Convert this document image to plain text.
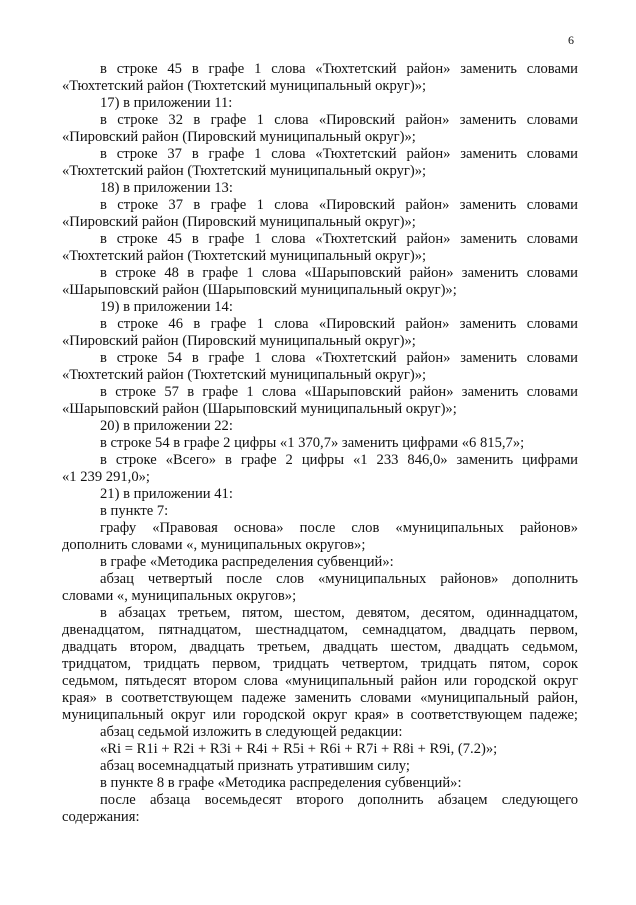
6

в строке 45 в графе 1 слова «Тюхтетский район» заменить словами

«Тюхтетский район (Тюхтетский муниципальный округ)»;

17) в приложении 11:

в строке 32 в графе 1 слова «Пировский район» заменить словами

«Пировский район (Пировский муниципальный округ)»;

в строке 37 в графе 1 слова «Тюхтетский район» заменить словами

«Тюхтетский район (Тюхтетский муниципальный округ)»;

18) в приложении 13:

в строке 37 в графе 1 слова «Пировский район» заменить словами

«Пировский район (Пировский муниципальный округ)»;

в строке 45 в графе 1 слова «Тюхтетский район» заменить словами

«Тюхтетский район (Тюхтетский муниципальный округ)»;

в строке 48 в графе 1 слова «Шарыповский район» заменить словами

«Шарыповский район (Шарыповский муниципальный округ)»;

19) в приложении 14:

в строке 46 в графе 1 слова «Пировский район» заменить словами

«Пировский район (Пировский муниципальный округ)»;

в строке 54 в графе 1 слова «Тюхтетский район» заменить словами

«Тюхтетский район (Тюхтетский муниципальный округ)»;

в строке 57 в графе 1 слова «Шарыповский район» заменить словами

«Шарыповский район (Шарыповский муниципальный округ)»;

20) в приложении 22:

в строке 54 в графе 2 цифры «1 370,7» заменить цифрами «6 815,7»;

в строке «Всего» в графе 2 цифры «1 233 846,0» заменить цифрами

«1 239 291,0»;

21) в приложении 41:

в пункте 7:

графу «Правовая основа» после слов «муниципальных районов»

дополнить словами «, муниципальных округов»;

в графе «Методика распределения субвенций»:

абзац четвертый после слов «муниципальных районов» дополнить

словами «, муниципальных округов»;

в абзацах третьем, пятом, шестом, девятом, десятом, одиннадцатом,

двенадцатом, пятнадцатом, шестнадцатом, семнадцатом, двадцать первом,

двадцать втором, двадцать третьем, двадцать шестом, двадцать седьмом,

тридцатом, тридцать первом, тридцать четвертом, тридцать пятом, сорок

седьмом, пятьдесят втором слова «муниципальный район или городской округ

края» в соответствующем падеже заменить словами «муниципальный район,

муниципальный округ или городской округ края» в соответствующем падеже;

абзац седьмой изложить в следующей редакции:

«Ri = R1i + R2i + R3i + R4i + R5i + R6i + R7i + R8i + R9i, (7.2)»;

абзац восемнадцатый признать утратившим силу;

в пункте 8 в графе «Методика распределения субвенций»:

после абзаца восемьдесят второго дополнить абзацем следующего

содержания:
